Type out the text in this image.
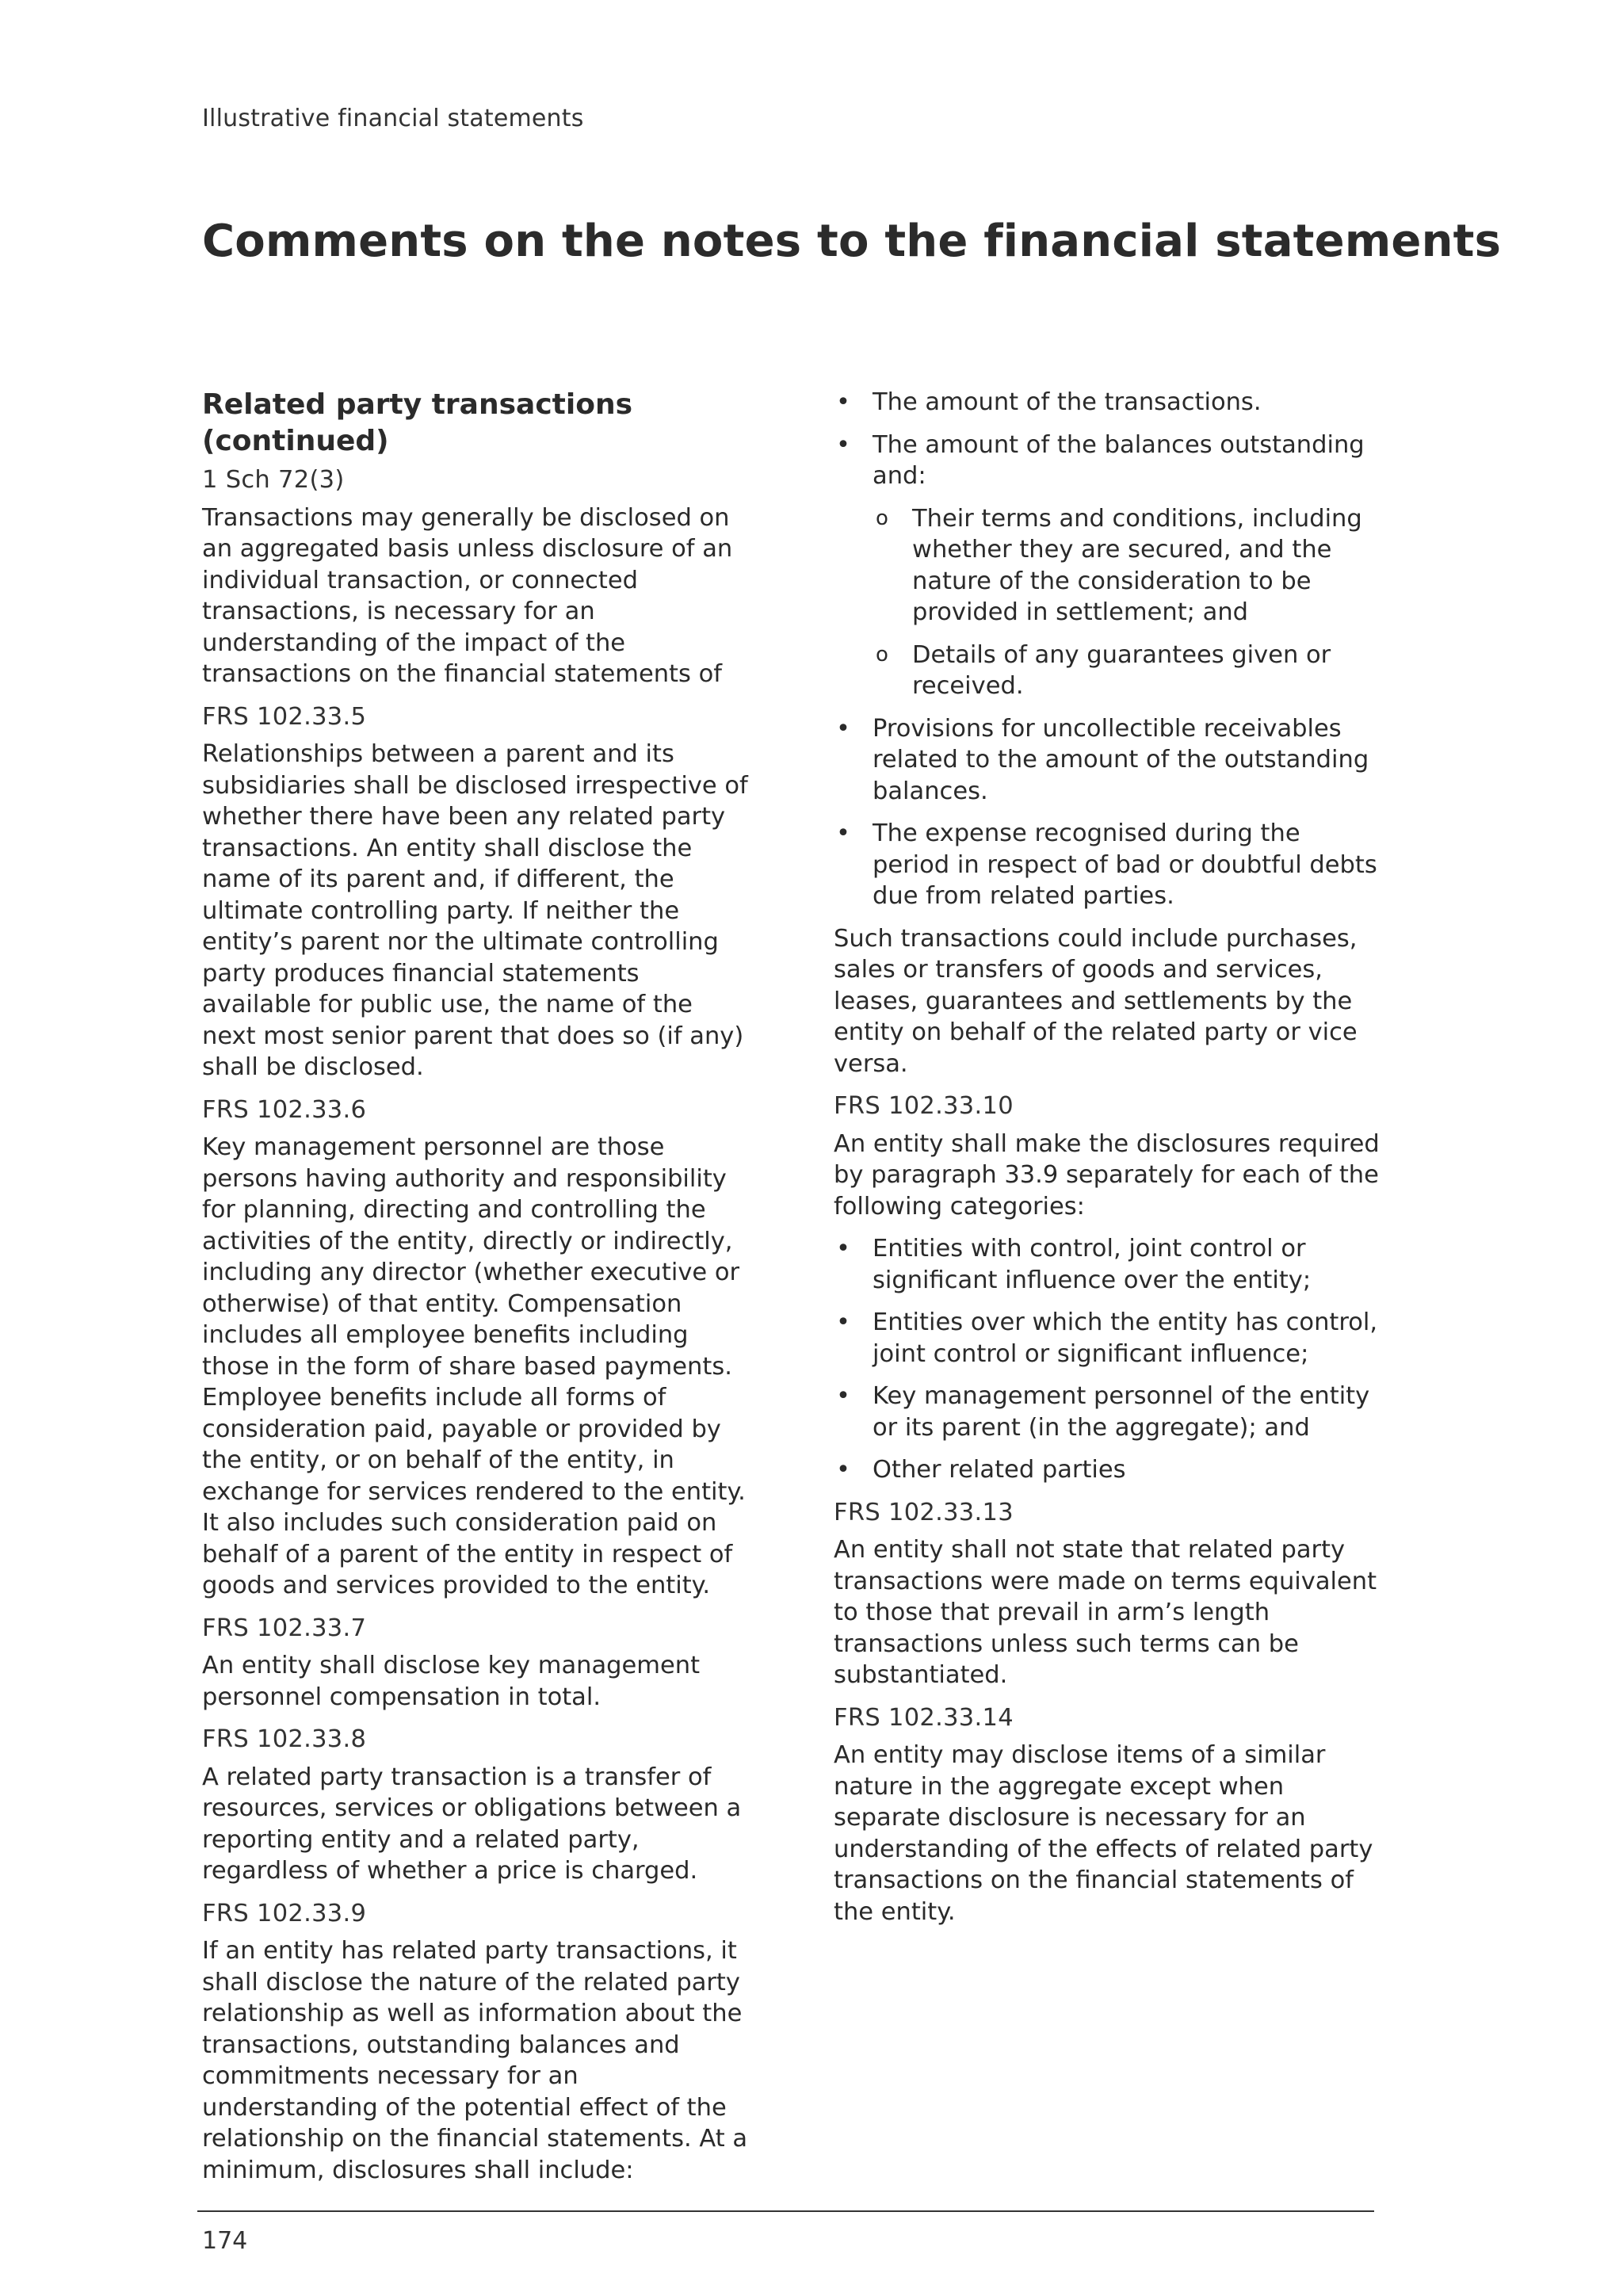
Illustrative financial statements
Comments on the notes to the financial statements
Related party transactions
(continued)

1 Sch 72(3)

Transactions may generally be disclosed on an aggregated basis unless disclosure of an individual transaction, or connected transactions, is necessary for an understanding of the impact of the transactions on the financial statements of

FRS 102.33.5

Relationships between a parent and its subsidiaries shall be disclosed irrespective of whether there have been any related party transactions. An entity shall disclose the name of its parent and, if different, the ultimate controlling party. If neither the entity’s parent nor the ultimate controlling party produces financial statements available for public use, the name of the next most senior parent that does so (if any) shall be disclosed.

FRS 102.33.6

Key management personnel are those persons having authority and responsibility for planning, directing and controlling the activities of the entity, directly or indirectly, including any director (whether executive or otherwise) of that entity. Compensation includes all employee benefits including those in the form of share based payments. Employee benefits include all forms of consideration paid, payable or provided by the entity, or on behalf of the entity, in exchange for services rendered to the entity. It also includes such consideration paid on behalf of a parent of the entity in respect of goods and services provided to the entity.

FRS 102.33.7

An entity shall disclose key management personnel compensation in total.

FRS 102.33.8

A related party transaction is a transfer of resources, services or obligations between a reporting entity and a related party, regardless of whether a price is charged.

FRS 102.33.9

If an entity has related party transactions, it shall disclose the nature of the related party relationship as well as information about the transactions, outstanding balances and commitments necessary for an understanding of the potential effect of the relationship on the financial statements. At a minimum, disclosures shall include:

• The amount of the transactions.
• The amount of the balances outstanding and:
o Their terms and conditions, including whether they are secured, and the nature of the consideration to be provided in settlement; and
o Details of any guarantees given or received.
• Provisions for uncollectible receivables related to the amount of the outstanding balances.
• The expense recognised during the period in respect of bad or doubtful debts due from related parties.

Such transactions could include purchases, sales or transfers of goods and services, leases, guarantees and settlements by the entity on behalf of the related party or vice versa.

FRS 102.33.10

An entity shall make the disclosures required by paragraph 33.9 separately for each of the following categories:

• Entities with control, joint control or significant influence over the entity;
• Entities over which the entity has control, joint control or significant influence;
• Key management personnel of the entity or its parent (in the aggregate); and
• Other related parties

FRS 102.33.13

An entity shall not state that related party transactions were made on terms equivalent to those that prevail in arm’s length transactions unless such terms can be substantiated.

FRS 102.33.14

An entity may disclose items of a similar nature in the aggregate except when separate disclosure is necessary for an understanding of the effects of related party transactions on the financial statements of the entity.

174
